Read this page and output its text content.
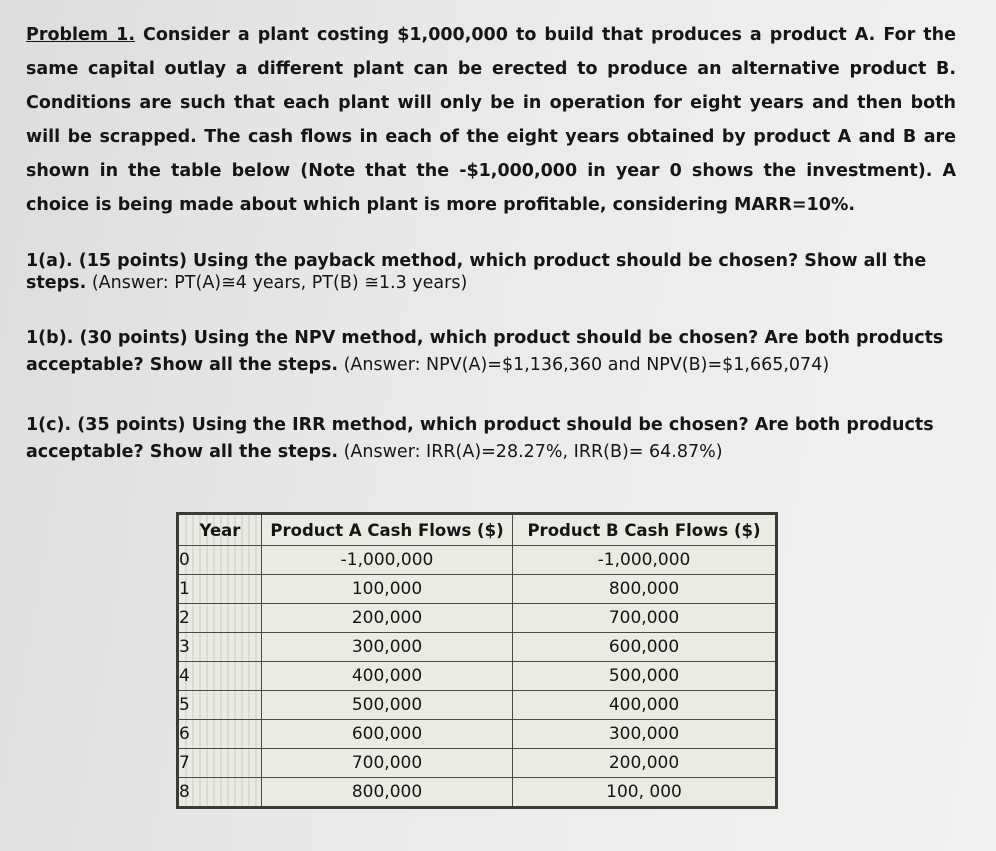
Problem 1. Consider a plant costing $1,000,000 to build that produces a product A. For the same capital outlay a different plant can be erected to produce an alternative product B. Conditions are such that each plant will only be in operation for eight years and then both will be scrapped. The cash flows in each of the eight years obtained by product A and B are shown in the table below (Note that the -$1,000,000 in year 0 shows the investment). A choice is being made about which plant is more profitable, considering MARR=10%.

1(a). (15 points) Using the payback method, which product should be chosen? Show all the steps. (Answer: PT(A)≅4 years, PT(B) ≅1.3 years)

1(b). (30 points) Using the NPV method, which product should be chosen? Are both products acceptable? Show all the steps. (Answer: NPV(A)=$1,136,360 and NPV(B)=$1,665,074)

1(c). (35 points) Using the IRR method, which product should be chosen? Are both products acceptable? Show all the steps. (Answer: IRR(A)=28.27%, IRR(B)= 64.87%)

Year	Product A Cash Flows ($)	Product B Cash Flows ($)
0	-1,000,000	-1,000,000
1	100,000	800,000
2	200,000	700,000
3	300,000	600,000
4	400,000	500,000
5	500,000	400,000
6	600,000	300,000
7	700,000	200,000
8	800,000	100, 000
